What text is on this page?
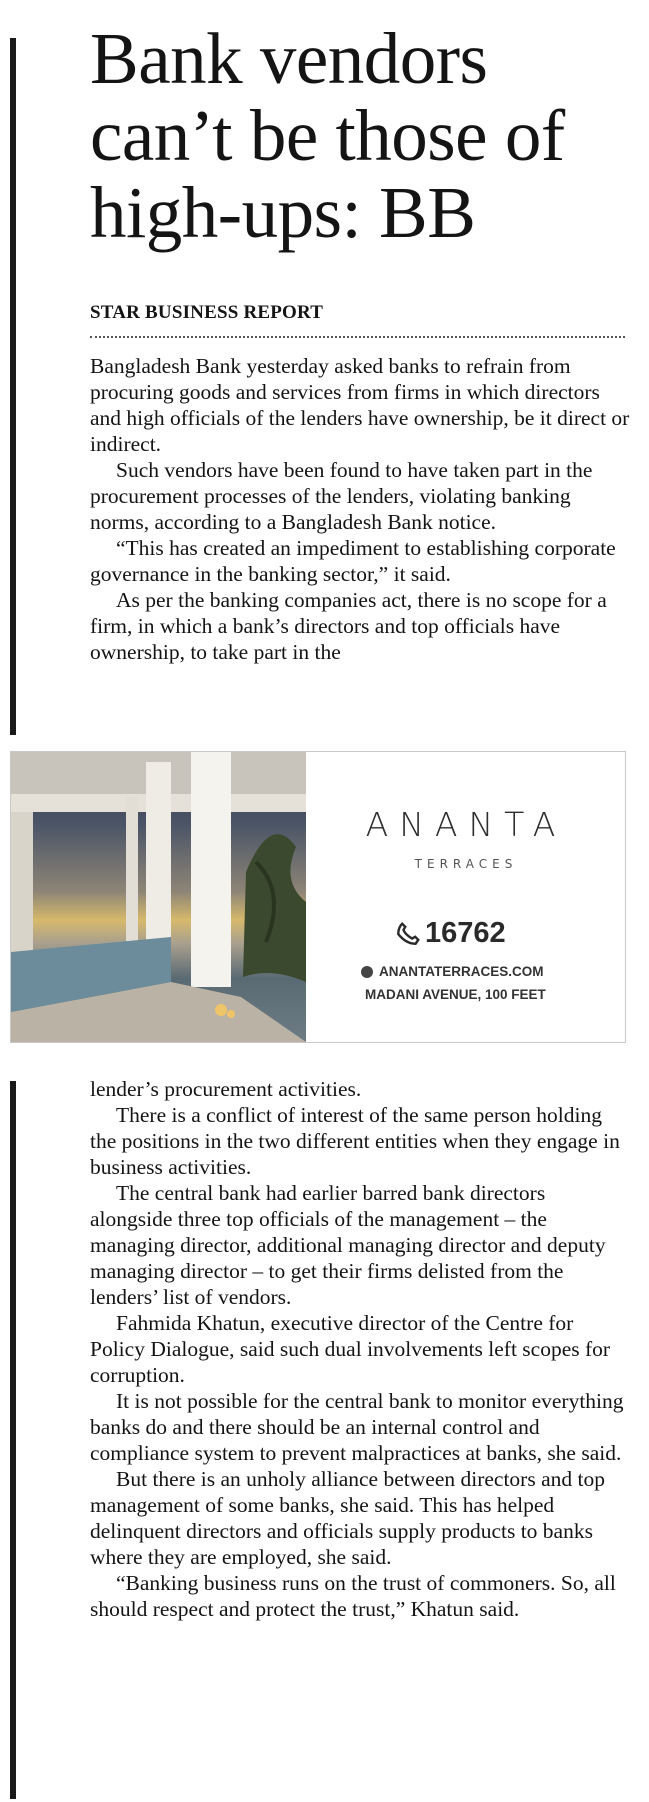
Bank vendors can’t be those of high-ups: BB

STAR BUSINESS REPORT

Bangladesh Bank yesterday asked banks to refrain from procuring goods and services from firms in which directors and high officials of the lenders have ownership, be it direct or indirect.

Such vendors have been found to have taken part in the procurement processes of the lenders, violating banking norms, according to a Bangladesh Bank notice.

“This has created an impediment to establishing corporate governance in the banking sector,” it said.

As per the banking companies act, there is no scope for a firm, in which a bank’s directors and top officials have ownership, to take part in the

ANANTA
TERRACES
16762
ANANTATERRACES.COM
MADANI AVENUE, 100 FEET

lender’s procurement activities.

There is a conflict of interest of the same person holding the positions in the two different entities when they engage in business activities.

The central bank had earlier barred bank directors alongside three top officials of the management – the managing director, additional managing director and deputy managing director – to get their firms delisted from the lenders’ list of vendors.

Fahmida Khatun, executive director of the Centre for Policy Dialogue, said such dual involvements left scopes for corruption.

It is not possible for the central bank to monitor everything banks do and there should be an internal control and compliance system to prevent malpractices at banks, she said.

But there is an unholy alliance between directors and top management of some banks, she said. This has helped delinquent directors and officials supply products to banks where they are employed, she said.

“Banking business runs on the trust of commoners. So, all should respect and protect the trust,” Khatun said.
